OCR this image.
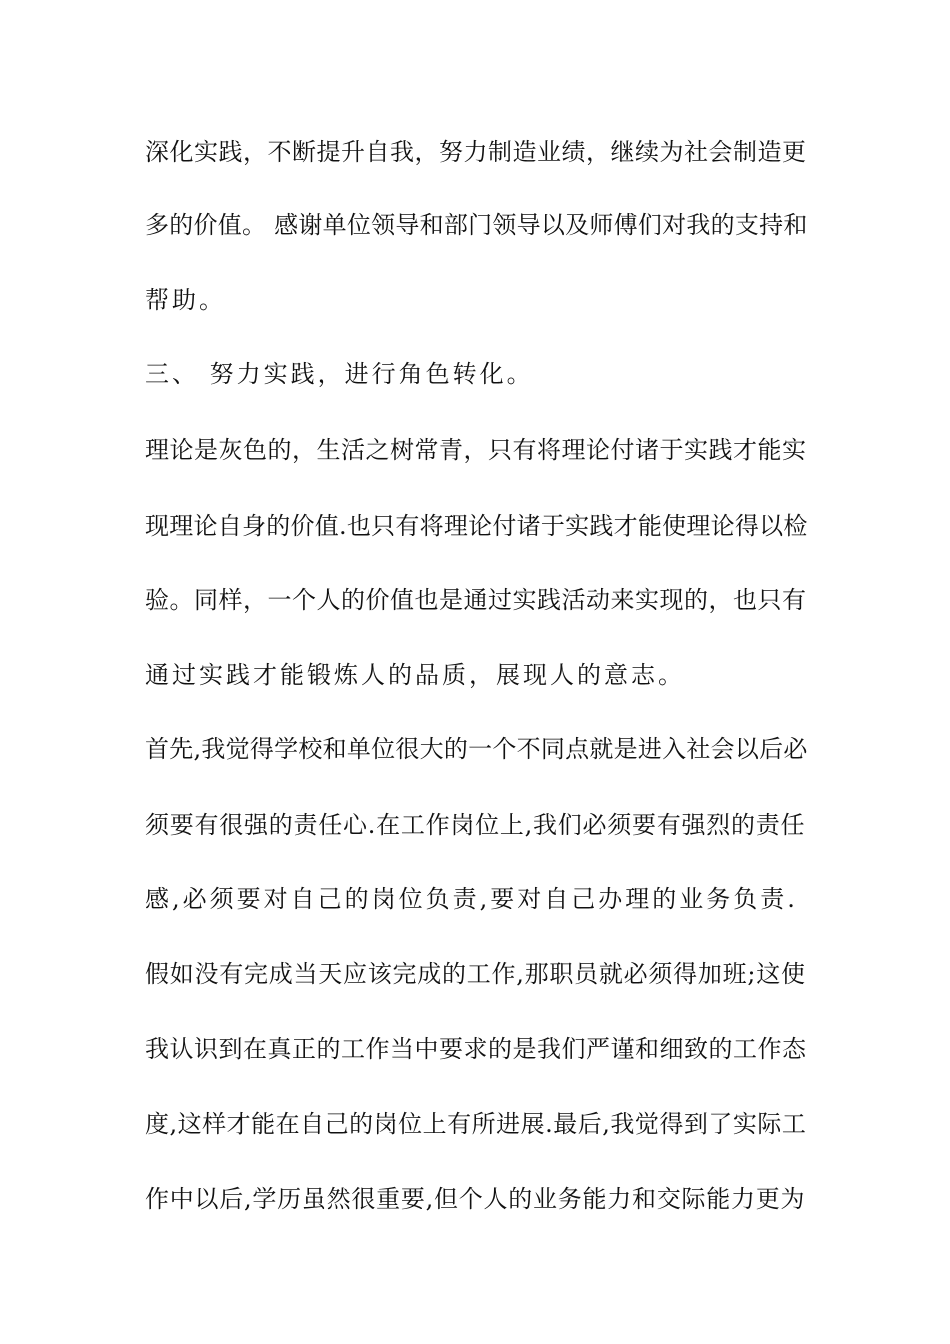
深化实践，不断提升自我，努力制造业绩，继续为社会制造更
多的价值。 感谢单位领导和部门领导以及师傅们对我的支持和
帮助。
三、 努力实践，进行角色转化。
理论是灰色的，生活之树常青，只有将理论付诸于实践才能实
现理论自身的价值.也只有将理论付诸于实践才能使理论得以检
验。同样，一个人的价值也是通过实践活动来实现的，也只有
通过实践才能锻炼人的品质，展现人的意志。
首先,我觉得学校和单位很大的一个不同点就是进入社会以后必
须要有很强的责任心.在工作岗位上,我们必须要有强烈的责任
感,必须要对自己的岗位负责,要对自己办理的业务负责.
假如没有完成当天应该完成的工作,那职员就必须得加班;这使
我认识到在真正的工作当中要求的是我们严谨和细致的工作态
度,这样才能在自己的岗位上有所进展.最后,我觉得到了实际工
作中以后,学历虽然很重要,但个人的业务能力和交际能力更为
